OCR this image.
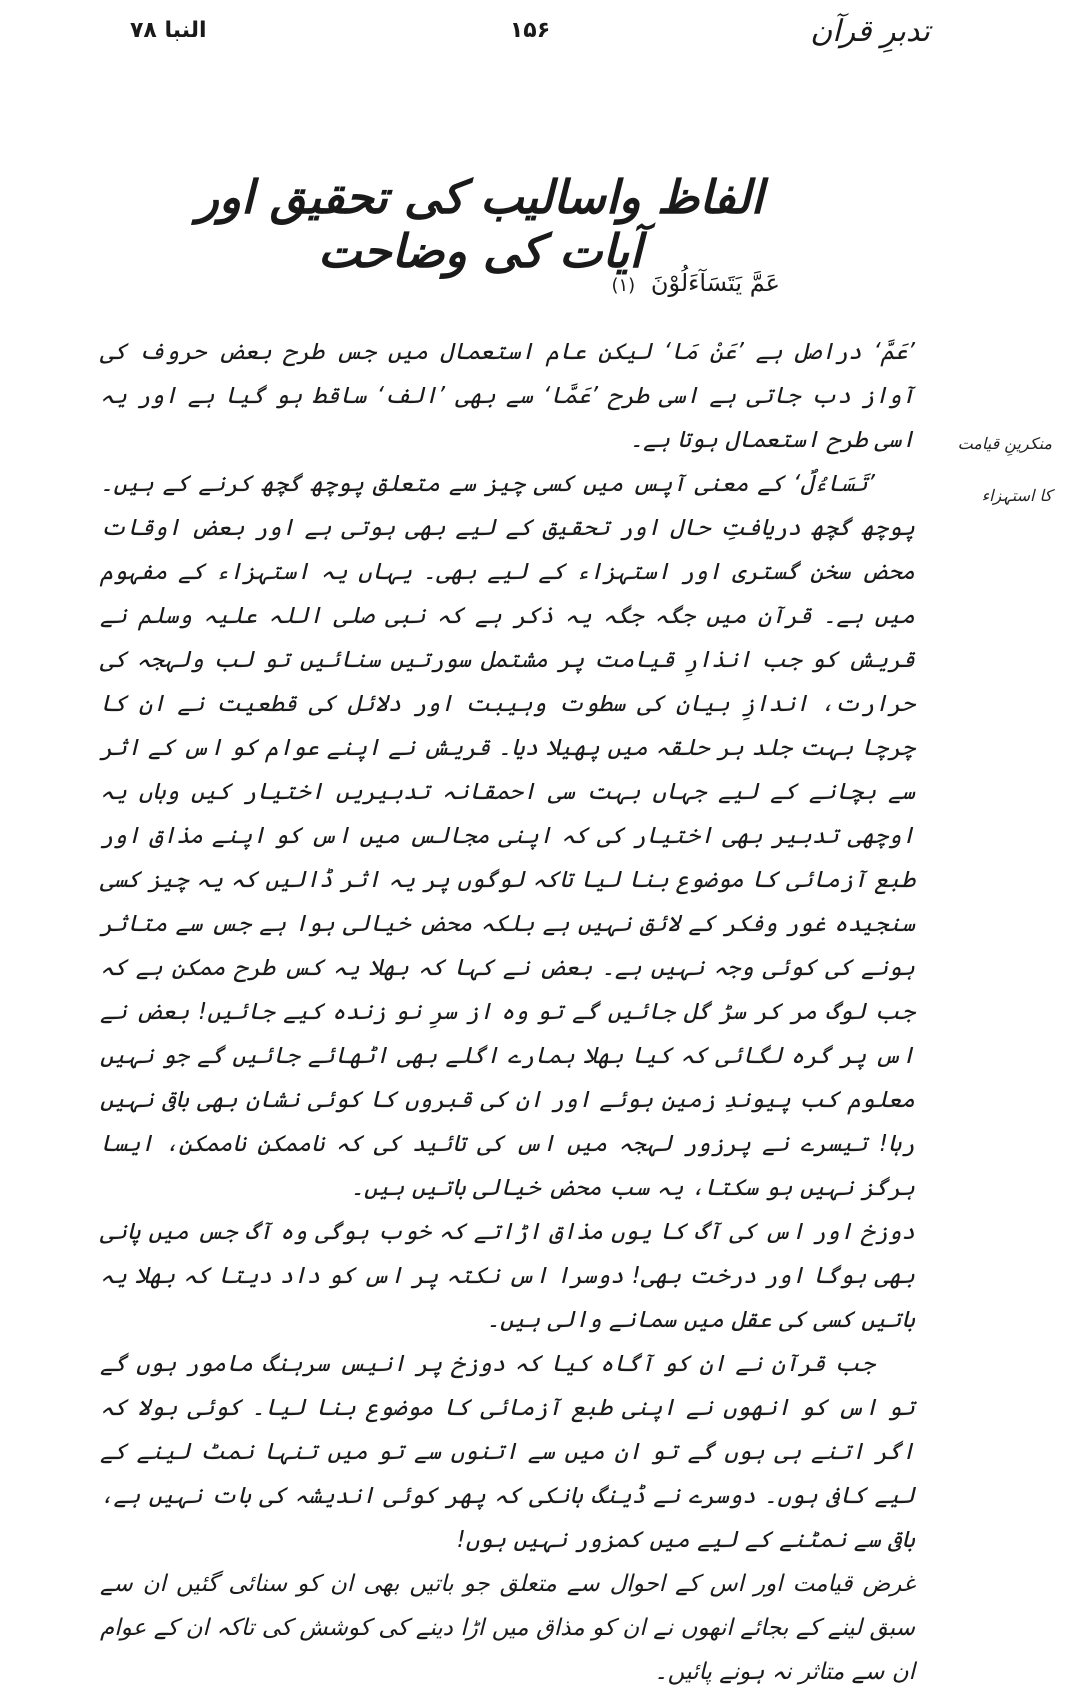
تدبرِ قرآن
۱۵۶
النبا ۷۸
الفاظ واسالیب کی تحقیق اور آیات کی وضاحت
عَمَّ يَتَسَآءَلُوْنَ (۱)

’عَمَّ‘ دراصل ہے ’عَنْ مَا‘ لیکن عام استعمال میں جس طرح بعض حروف کی آواز دب جاتی ہے اسی طرح ’عَمَّا‘ سے بھی ’الف‘ ساقط ہو گیا ہے اور یہ اسی طرح استعمال ہوتا ہے۔

’تَسَاءُلٌ‘ کے معنی آپس میں کسی چیز سے متعلق پوچھ گچھ کرنے کے ہیں۔ پوچھ گچھ دریافتِ حال اور تحقیق کے لیے بھی ہوتی ہے اور بعض اوقات محض سخن گستری اور استہزاء کے لیے بھی۔ یہاں یہ استہزاء کے مفہوم میں ہے۔ قرآن میں جگہ جگہ یہ ذکر ہے کہ نبی صلی اللہ علیہ وسلم نے قریش کو جب انذارِ قیامت پر مشتمل سورتیں سنائیں تو لب ولہجہ کی حرارت، اندازِ بیان کی سطوت وہیبت اور دلائل کی قطعیت نے ان کا چرچا بہت جلد ہر حلقہ میں پھیلا دیا۔ قریش نے اپنے عوام کو اس کے اثر سے بچانے کے لیے جہاں بہت سی احمقانہ تدبیریں اختیار کیں وہاں یہ اوچھی تدبیر بھی اختیار کی کہ اپنی مجالس میں اس کو اپنے مذاق اور طبع آزمائی کا موضوع بنا لیا تاکہ لوگوں پر یہ اثر ڈالیں کہ یہ چیز کسی سنجیدہ غور وفکر کے لائق نہیں ہے بلکہ محض خیالی ہوا ہے جس سے متاثر ہونے کی کوئی وجہ نہیں ہے۔ بعض نے کہا کہ بھلا یہ کس طرح ممکن ہے کہ جب لوگ مر کر سڑ گل جائیں گے تو وہ از سرِ نو زندہ کیے جائیں! بعض نے اس پر گرہ لگائی کہ کیا بھلا ہمارے اگلے بھی اٹھائے جائیں گے جو نہیں معلوم کب پیوندِ زمین ہوئے اور ان کی قبروں کا کوئی نشان بھی باقی نہیں رہا! تیسرے نے پرزور لہجہ میں اس کی تائید کی کہ ناممکن ناممکن، ایسا ہرگز نہیں ہو سکتا، یہ سب محض خیالی باتیں ہیں۔

دوزخ اور اس کی آگ کا یوں مذاق اڑاتے کہ خوب ہوگی وہ آگ جس میں پانی بھی ہوگا اور درخت بھی! دوسرا اس نکتہ پر اس کو داد دیتا کہ بھلا یہ باتیں کسی کی عقل میں سمانے والی ہیں۔

جب قرآن نے ان کو آگاہ کیا کہ دوزخ پر انیس سرہنگ مامور ہوں گے تو اس کو انھوں نے اپنی طبع آزمائی کا موضوع بنا لیا۔ کوئی بولا کہ اگر اتنے ہی ہوں گے تو ان میں سے اتنوں سے تو میں تنہا نمٹ لینے کے لیے کافی ہوں۔ دوسرے نے ڈینگ ہانکی کہ پھر کوئی اندیشہ کی بات نہیں ہے، باقی سے نمٹنے کے لیے میں کمزور نہیں ہوں!

غرض قیامت اور اس کے احوال سے متعلق جو باتیں بھی ان کو سنائی گئیں ان سے سبق لینے کے بجائے انھوں نے ان کو مذاق میں اڑا دینے کی کوشش کی تاکہ ان کے عوام ان سے متاثر نہ ہونے پائیں۔

منکرینِ قیامت
کا استہزاء
